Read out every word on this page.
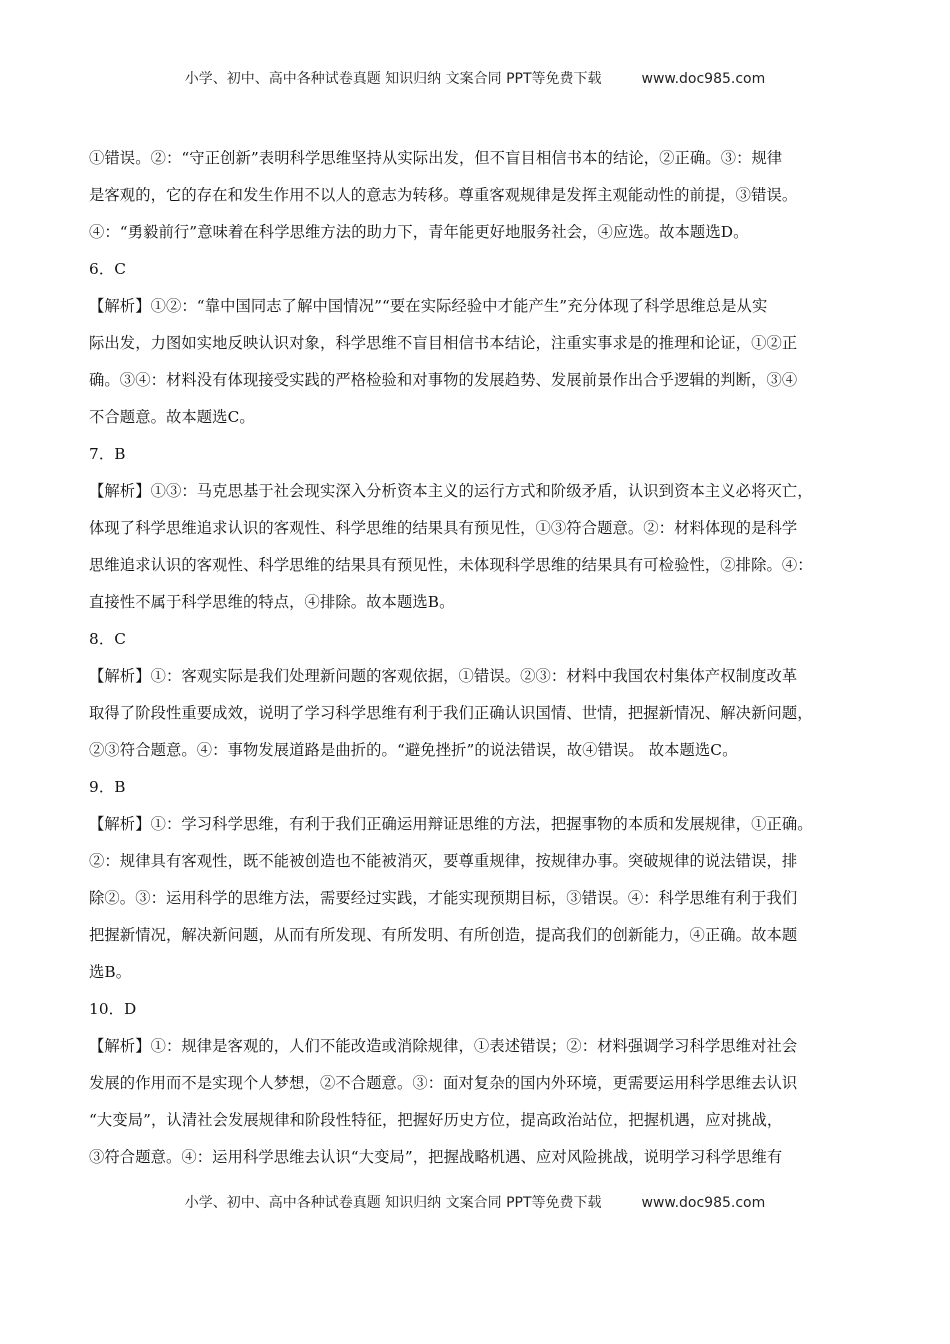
小学、初中、高中各种试卷真题 知识归纳 文案合同 PPT等免费下载	www.doc985.com
①错误。②：“守正创新”表明科学思维坚持从实际出发，但不盲目相信书本的结论，②正确。③：规律
是客观的，它的存在和发生作用不以人的意志为转移。尊重客观规律是发挥主观能动性的前提，③错误。
④：“勇毅前行”意味着在科学思维方法的助力下，青年能更好地服务社会，④应选。故本题选D。
6．C
【解析】①②：“靠中国同志了解中国情况”“要在实际经验中才能产生”充分体现了科学思维总是从实
际出发，力图如实地反映认识对象，科学思维不盲目相信书本结论，注重实事求是的推理和论证，①②正
确。③④：材料没有体现接受实践的严格检验和对事物的发展趋势、发展前景作出合乎逻辑的判断，③④
不合题意。故本题选C。
7．B
【解析】①③：马克思基于社会现实深入分析资本主义的运行方式和阶级矛盾，认识到资本主义必将灭亡，
体现了科学思维追求认识的客观性、科学思维的结果具有预见性，①③符合题意。②：材料体现的是科学
思维追求认识的客观性、科学思维的结果具有预见性，未体现科学思维的结果具有可检验性，②排除。④：
直接性不属于科学思维的特点，④排除。故本题选B。
8．C
【解析】①：客观实际是我们处理新问题的客观依据，①错误。②③：材料中我国农村集体产权制度改革
取得了阶段性重要成效，说明了学习科学思维有利于我们正确认识国情、世情，把握新情况、解决新问题，
②③符合题意。④：事物发展道路是曲折的。“避免挫折”的说法错误，故④错误。 故本题选C。
9．B
【解析】①：学习科学思维，有利于我们正确运用辩证思维的方法，把握事物的本质和发展规律，①正确。
②：规律具有客观性，既不能被创造也不能被消灭，要尊重规律，按规律办事。突破规律的说法错误，排
除②。③：运用科学的思维方法，需要经过实践，才能实现预期目标，③错误。④：科学思维有利于我们
把握新情况，解决新问题，从而有所发现、有所发明、有所创造，提高我们的创新能力，④正确。故本题
选B。
10．D
【解析】①：规律是客观的，人们不能改造或消除规律，①表述错误；②：材料强调学习科学思维对社会
发展的作用而不是实现个人梦想，②不合题意。③：面对复杂的国内外环境，更需要运用科学思维去认识
“大变局”，认清社会发展规律和阶段性特征，把握好历史方位，提高政治站位，把握机遇，应对挑战，
③符合题意。④：运用科学思维去认识“大变局”，把握战略机遇、应对风险挑战，说明学习科学思维有
小学、初中、高中各种试卷真题 知识归纳 文案合同 PPT等免费下载	www.doc985.com
